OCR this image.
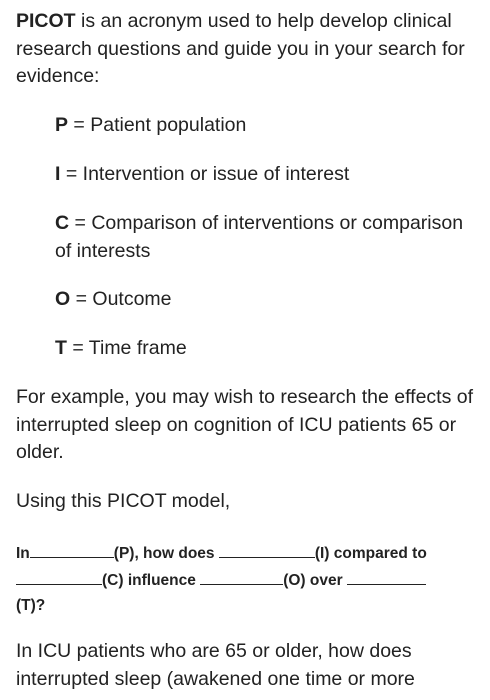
PICOT is an acronym used to help develop clinical research questions and guide you in your search for evidence:

P = Patient population

I = Intervention or issue of interest

C = Comparison of interventions or comparison of interests

O = Outcome

T = Time frame

For example, you may wish to research the effects of interrupted sleep on cognition of ICU patients 65 or older.

Using this PICOT model,

In	(P), how does	(I) compared to
(C) influence	(O) over
(T)?

In ICU patients who are 65 or older, how does interrupted sleep (awakened one time or more
